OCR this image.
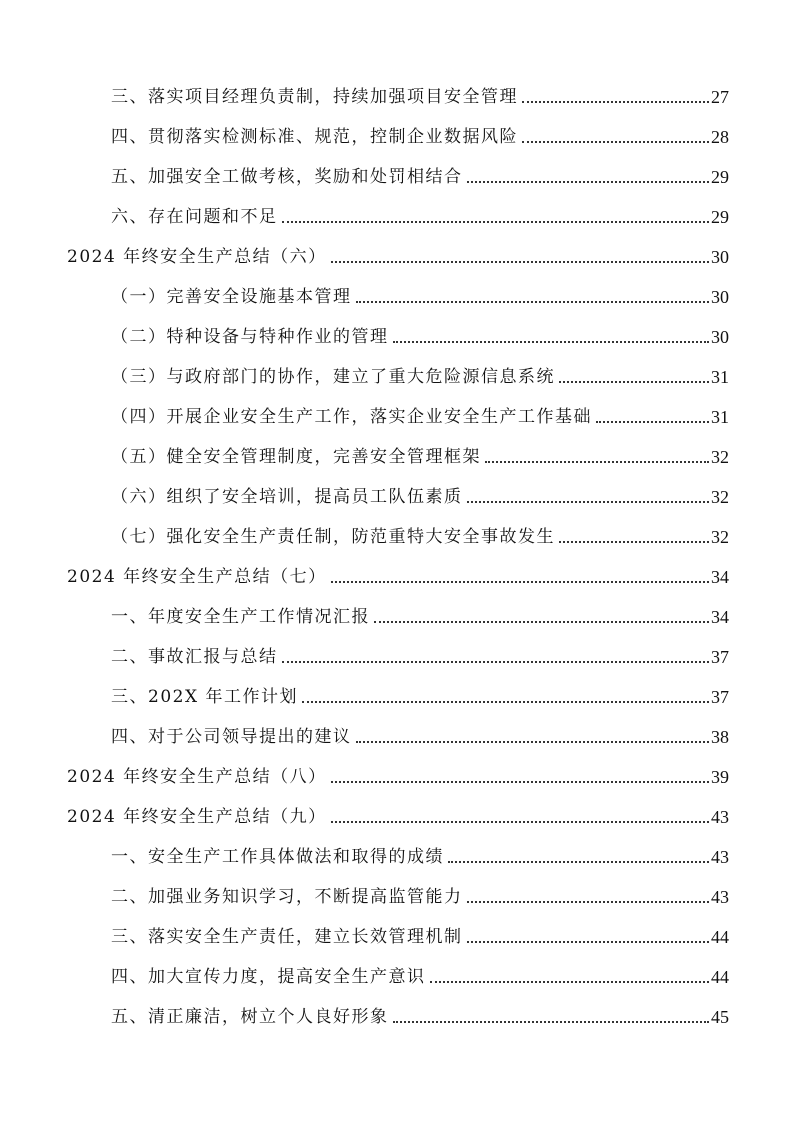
三、落实项目经理负责制，持续加强项目安全管理	27
四、贯彻落实检测标准、规范，控制企业数据风险	28
五、加强安全工做考核，奖励和处罚相结合	29
六、存在问题和不足	29
2024 年终安全生产总结（六）	30
（一）完善安全设施基本管理	30
（二）特种设备与特种作业的管理	30
（三）与政府部门的协作，建立了重大危险源信息系统	31
（四）开展企业安全生产工作，落实企业安全生产工作基础	31
（五）健全安全管理制度，完善安全管理框架	32
（六）组织了安全培训，提高员工队伍素质	32
（七）强化安全生产责任制，防范重特大安全事故发生	32
2024 年终安全生产总结（七）	34
一、年度安全生产工作情况汇报	34
二、事故汇报与总结	37
三、202X 年工作计划	37
四、对于公司领导提出的建议	38
2024 年终安全生产总结（八）	39
2024 年终安全生产总结（九）	43
一、安全生产工作具体做法和取得的成绩	43
二、加强业务知识学习，不断提高监管能力	43
三、落实安全生产责任，建立长效管理机制	44
四、加大宣传力度，提高安全生产意识	44
五、清正廉洁，树立个人良好形象	45
